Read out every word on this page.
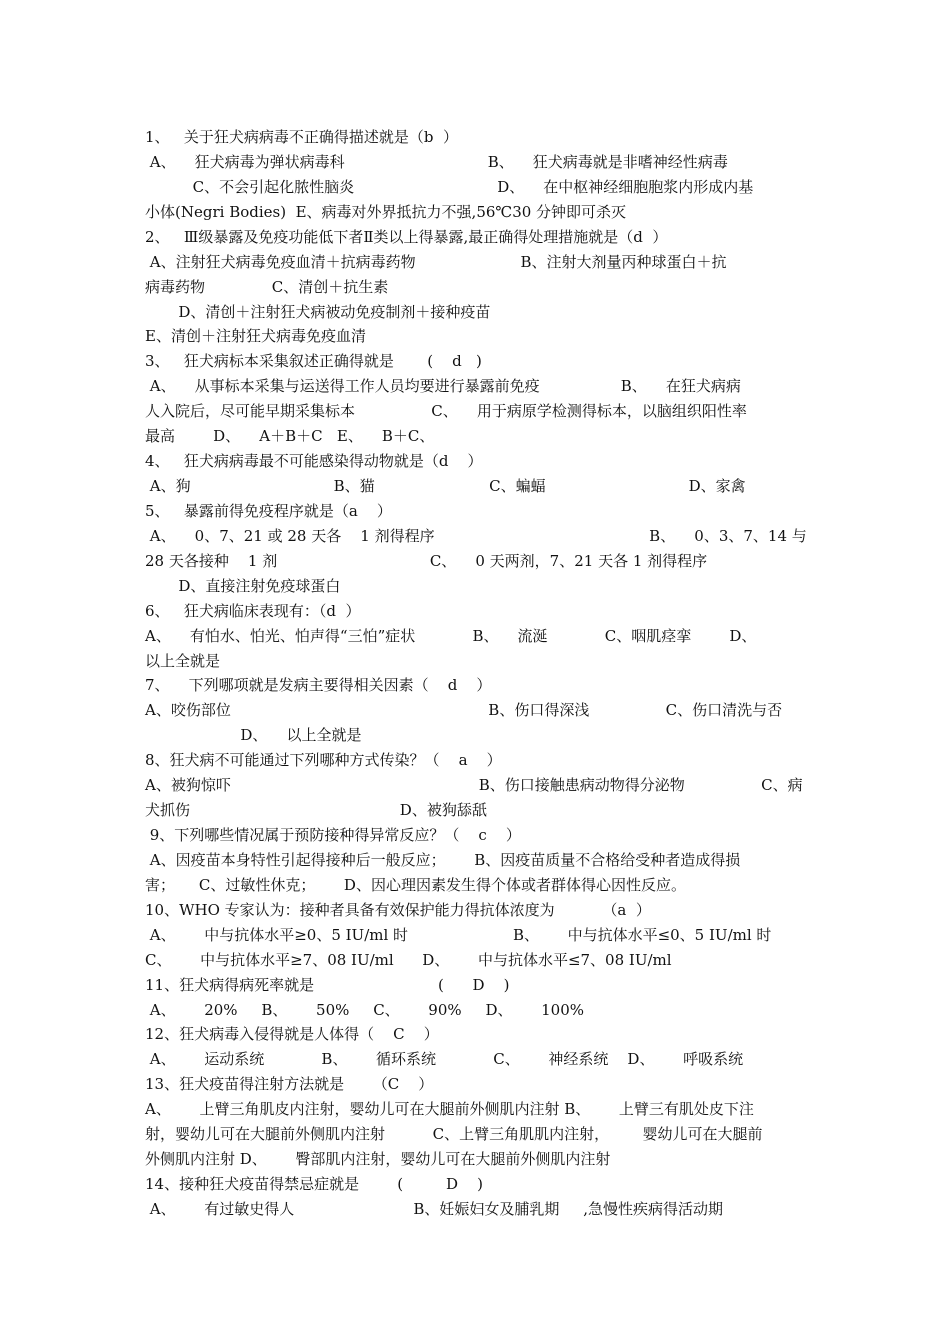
1、   关于狂犬病病毒不正确得描述就是（b  ）
A、    狂犬病毒为弹状病毒科                              B、    狂犬病毒就是非嗜神经性病毒
C、不会引起化脓性脑炎                              D、    在中枢神经细胞胞浆内形成内基
小体(Negri Bodies)  E、病毒对外界抵抗力不强,56℃30 分钟即可杀灭
2、   Ⅲ级暴露及免疫功能低下者Ⅱ类以上得暴露,最正确得处理措施就是（d  ）
A、注射狂犬病毒免疫血清＋抗病毒药物                      B、注射大剂量丙种球蛋白＋抗
病毒药物              C、清创＋抗生素
D、清创＋注射狂犬病被动免疫制剂＋接种疫苗
E、清创＋注射狂犬病毒免疫血清
3、   狂犬病标本采集叙述正确得就是       (    d   )
A、    从事标本采集与运送得工作人员均要进行暴露前免疫                 B、    在狂犬病病
人入院后，尽可能早期采集标本                C、    用于病原学检测得标本，以脑组织阳性率
最高        D、    A＋B＋C   E、    B＋C、
4、   狂犬病病毒最不可能感染得动物就是（d    ）
A、狗                              B、猫                        C、蝙蝠                              D、家禽
5、   暴露前得免疫程序就是（a    ）
A、    0、7、21 或 28 天各    1 剂得程序                                             B、    0、3、7、14 与
28 天各接种    1 剂                                C、    0 天两剂，7、21 天各 1 剂得程序
D、直接注射免疫球蛋白
6、   狂犬病临床表现有：（d  ）
A、    有怕水、怕光、怕声得“三怕”症状            B、    流涎            C、咽肌痉挛        D、
以上全就是
7、    下列哪项就是发病主要得相关因素（    d    ）
A、咬伤部位                                                      B、伤口得深浅                C、伤口清洗与否
D、    以上全就是
8、狂犬病不可能通过下列哪种方式传染？（    a    ）
A、被狗惊吓                                                    B、伤口接触患病动物得分泌物                C、病
犬抓伤                                            D、被狗舔舐
9、下列哪些情况属于预防接种得异常反应？（    c    ）
A、因疫苗本身特性引起得接种后一般反应；      B、因疫苗质量不合格给受种者造成得损
害；     C、过敏性休克；      D、因心理因素发生得个体或者群体得心因性反应。
10、WHO 专家认为：接种者具备有效保护能力得抗体浓度为          （a  ）
A、      中与抗体水平≥0、5 IU/ml 时                      B、      中与抗体水平≤0、5 IU/ml 时
C、      中与抗体水平≥7、08 IU/ml      D、      中与抗体水平≤7、08 IU/ml
11、狂犬病得病死率就是                          (      D    )
A、      20%     B、      50%     C、      90%     D、      100%
12、狂犬病毒入侵得就是人体得（    C    ）
A、      运动系统            B、      循环系统            C、      神经系统    D、      呼吸系统
13、狂犬疫苗得注射方法就是      （C    ）
A、      上臂三角肌皮内注射，婴幼儿可在大腿前外侧肌内注射 B、      上臂三有肌处皮下注
射，婴幼儿可在大腿前外侧肌内注射          C、上臂三角肌肌内注射，       婴幼儿可在大腿前
外侧肌内注射 D、      臀部肌内注射，婴幼儿可在大腿前外侧肌内注射
14、接种狂犬疫苗得禁忌症就是        (         D    )
A、      有过敏史得人                         B、妊娠妇女及脯乳期     ,急慢性疾病得活动期
